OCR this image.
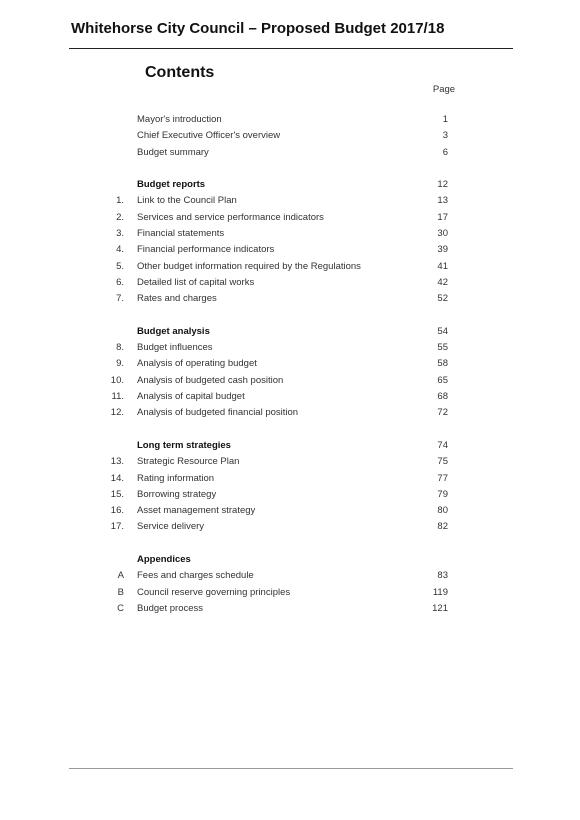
Whitehorse City Council – Proposed Budget 2017/18
Contents
Page
Mayor's introduction	1
Chief Executive Officer's overview	3
Budget summary	6
Budget reports	12
1. Link to the Council Plan	13
2. Services and service performance indicators	17
3. Financial statements	30
4. Financial performance indicators	39
5. Other budget information required by the Regulations	41
6. Detailed list of capital works	42
7. Rates and charges	52
Budget analysis	54
8. Budget influences	55
9. Analysis of operating budget	58
10. Analysis of budgeted cash position	65
11. Analysis of capital budget	68
12. Analysis of budgeted financial position	72
Long term strategies	74
13. Strategic Resource Plan	75
14. Rating information	77
15. Borrowing strategy	79
16. Asset management strategy	80
17. Service delivery	82
Appendices
A Fees and charges schedule	83
B Council reserve governing principles	119
C Budget process	121
